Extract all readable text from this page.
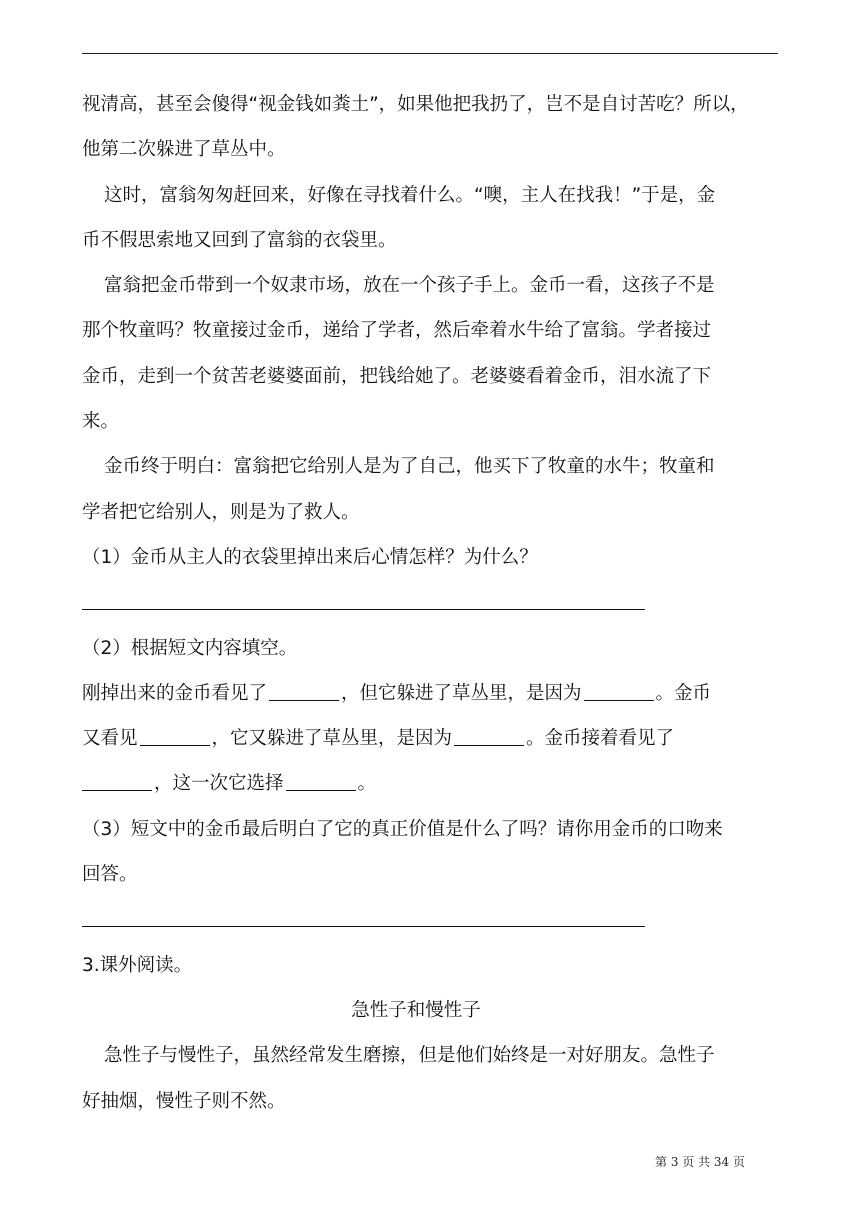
视清高，甚至会傻得“视金钱如粪土”，如果他把我扔了，岂不是自讨苦吃？所以，
他第二次躲进了草丛中。
这时，富翁匆匆赶回来，好像在寻找着什么。“噢，主人在找我！”于是，金
币不假思索地又回到了富翁的衣袋里。
富翁把金币带到一个奴隶市场，放在一个孩子手上。金币一看，这孩子不是
那个牧童吗？牧童接过金币，递给了学者，然后牵着水牛给了富翁。学者接过
金币，走到一个贫苦老婆婆面前，把钱给她了。老婆婆看着金币，泪水流了下
来。
金币终于明白：富翁把它给别人是为了自己，他买下了牧童的水牛；牧童和
学者把它给别人，则是为了救人。
（1）金币从主人的衣袋里掉出来后心情怎样？为什么？
（2）根据短文内容填空。
刚掉出来的金币看见了	，但它躲进了草丛里，是因为	。金币
又看见	，它又躲进了草丛里，是因为	。金币接着看见了
，这一次它选择	。
（3）短文中的金币最后明白了它的真正价值是什么了吗？请你用金币的口吻来
回答。
3.课外阅读。
急性子和慢性子
急性子与慢性子，虽然经常发生磨擦，但是他们始终是一对好朋友。急性子
好抽烟，慢性子则不然。
第 3 页 共 34 页
